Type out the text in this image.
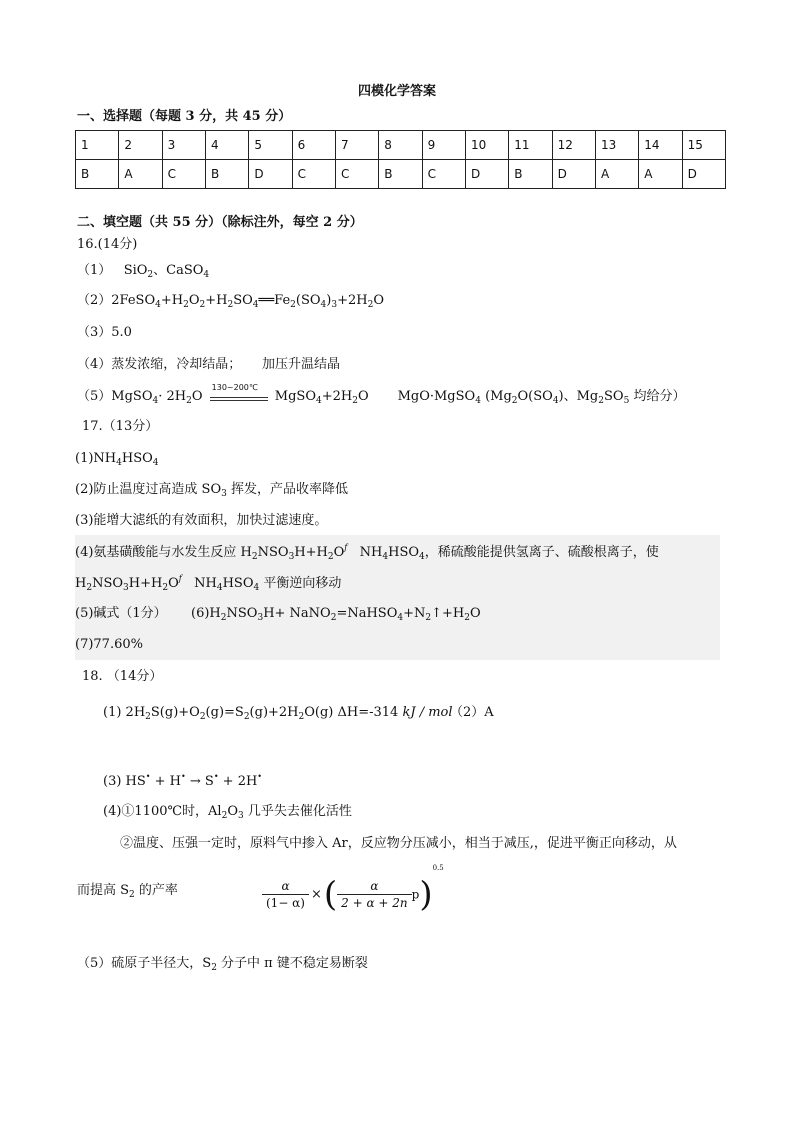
四模化学答案
一、选择题（每题 3 分，共 45 分）
1	2	3	4	5	6	7	8	9	10	11	12	13	14	15
B	A	C	B	D	C	C	B	C	D	B	D	A	A	D
二、填空题（共 55 分）（除标注外，每空 2 分）
16.(14分)
（1） SiO$_2$、CaSO$_4$
$(2)2FeSO_4+H_2O_2+H_2SO_4══Fe_2(SO_4)_3+2H_2O$
（3）5.0
（4）蒸发浓缩，冷却结晶； 加压升温结晶
（5）MgSO$_4$· $2H_2O$
130~200℃
$MgSO_4+2H_2O$ MgO·MgSO$_4$ ($Mg_2O(SO_4)$、$Mg_2SO_5$ 均给分）
17.（13分）
$(1)NH_4HSO_4$
(2)防止温度过高造成 $SO_3$ 挥发，产品收率降低
(3)能增大滤纸的有效面积，加快过滤速度。
(4)氨基磺酸能与水发生反应 $H_2NSO_3H+H_2O^ƒ$   $NH_4HSO_4$，稀硫酸能提供氢离子、硫酸根离子，使
$H_2NSO_3H+H_2O^ƒ$   $NH_4HSO_4$ 平衡逆向移动
(5)碱式（1分） $(6)H_2NSO_3H+$ $NaNO_2=NaHSO_4+N_2↑+H_2O$
(7)77.60%
18. （14分）
(1) $2H_2S(g)+O_2(g)=S_2(g)+2H_2O(g)$ ΔH=-314 kJ / mol
（2）A
(3) HS• + H• → S• + 2H•
(4)①1100℃时，$Al_2O_3$ 几乎失去催化活性
②温度、压强一定时，原料气中掺入 Ar，反应物分压减小，相当于减压,，促进平衡正向移动，从
而提高 $S_2$ 的产率	$\frac{\alpha}{(1- \alpha)}$ ×( $\frac{\alpha}{2 + \alpha + 2n} p)^{0.5}$
（5）硫原子半径大，$S_2$ 分子中 π 键不稳定易断裂
